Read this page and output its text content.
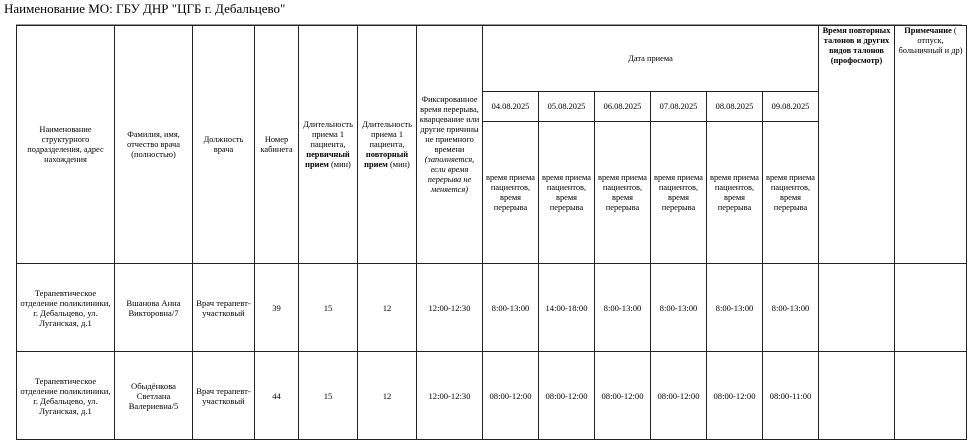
Наименование МО: ГБУ ДНР "ЦГБ г. Дебальцево"
Наименование структурного подразделения, адрес нахождения	Фамилия, имя, отчество врача (полностью)	Должность врача	Номер кабинета	Длительность приема 1 пациента, первичный прием (мин)	Длительность приема 1 пациента, повторный прием (мин)	Фиксированное время перерыва, кварцевание или другие причины не приемного времени (заполняется, если время перерыва не меняется)	Дата приема						Время повторных талонов и других видов талонов (профосмотр)	Примечание ( отпуск, больничный и др)
							04.08.2025	05.08.2025	06.08.2025	07.08.2025	08.08.2025	09.08.2025		
							время приема пациентов, время перерыва	время приема пациентов, время перерыва	время приема пациентов, время перерыва	время приема пациентов, время перерыва	время приема пациентов, время перерыва	время приема пациентов, время перерыва		
Терапевтическое отделение поликлиники, г. Дебальцево, ул. Луганская, д.1	Вшанова Анна Викторовна/7	Врач терапевт-участковый	39	15	12	12:00-12:30	8:00-13:00	14:00-18:00	8:00-13:00	8:00-13:00	8:00-13:00	8:00-13:00		
Терапевтическое отделение поликлиники, г. Дебальцево, ул. Луганская, д.1	Обыдёнкова Светлана Валериевна/5	Врач терапевт-участковый	44	15	12	12:00-12:30	08:00-12:00	08:00-12:00	08:00-12:00	08:00-12:00	08:00-12:00	08:00-11:00		
